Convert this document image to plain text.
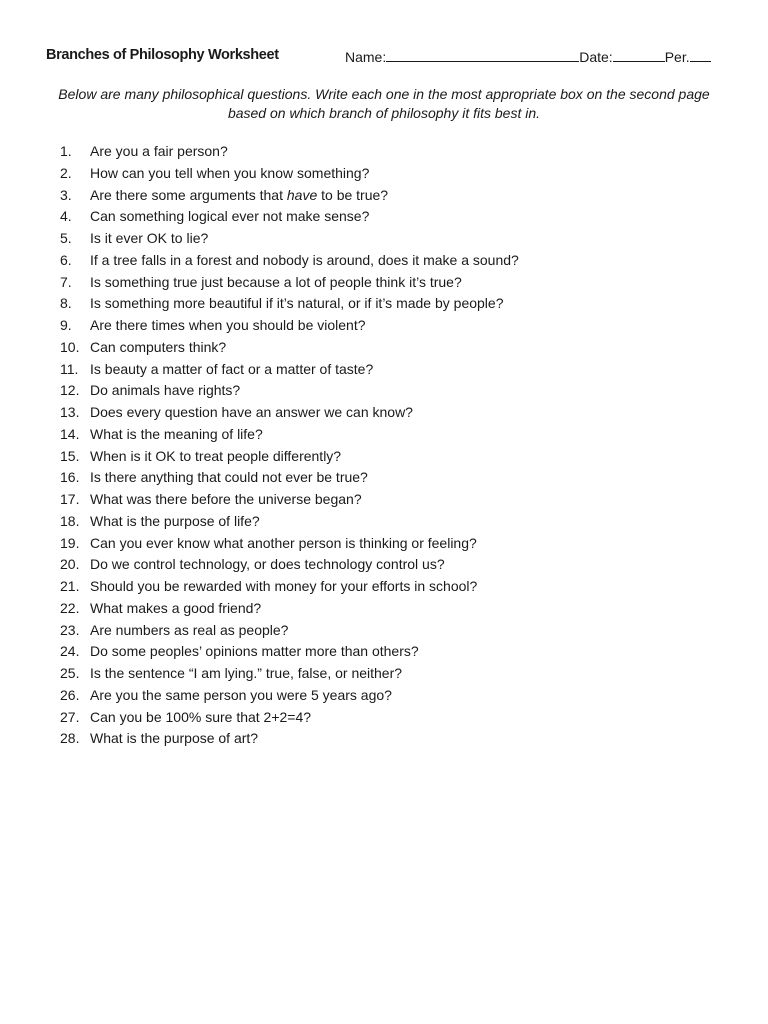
Branches of Philosophy Worksheet	Name:	Date:	Per.
Below are many philosophical questions. Write each one in the most appropriate box on the second page
based on which branch of philosophy it fits best in.
1. Are you a fair person?
2. How can you tell when you know something?
3. Are there some arguments that have to be true?
4. Can something logical ever not make sense?
5. Is it ever OK to lie?
6. If a tree falls in a forest and nobody is around, does it make a sound?
7. Is something true just because a lot of people think it’s true?
8. Is something more beautiful if it’s natural, or if it’s made by people?
9. Are there times when you should be violent?
10. Can computers think?
11. Is beauty a matter of fact or a matter of taste?
12. Do animals have rights?
13. Does every question have an answer we can know?
14. What is the meaning of life?
15. When is it OK to treat people differently?
16. Is there anything that could not ever be true?
17. What was there before the universe began?
18. What is the purpose of life?
19. Can you ever know what another person is thinking or feeling?
20. Do we control technology, or does technology control us?
21. Should you be rewarded with money for your efforts in school?
22. What makes a good friend?
23. Are numbers as real as people?
24. Do some peoples’ opinions matter more than others?
25. Is the sentence “I am lying.” true, false, or neither?
26. Are you the same person you were 5 years ago?
27. Can you be 100% sure that 2+2=4?
28. What is the purpose of art?
